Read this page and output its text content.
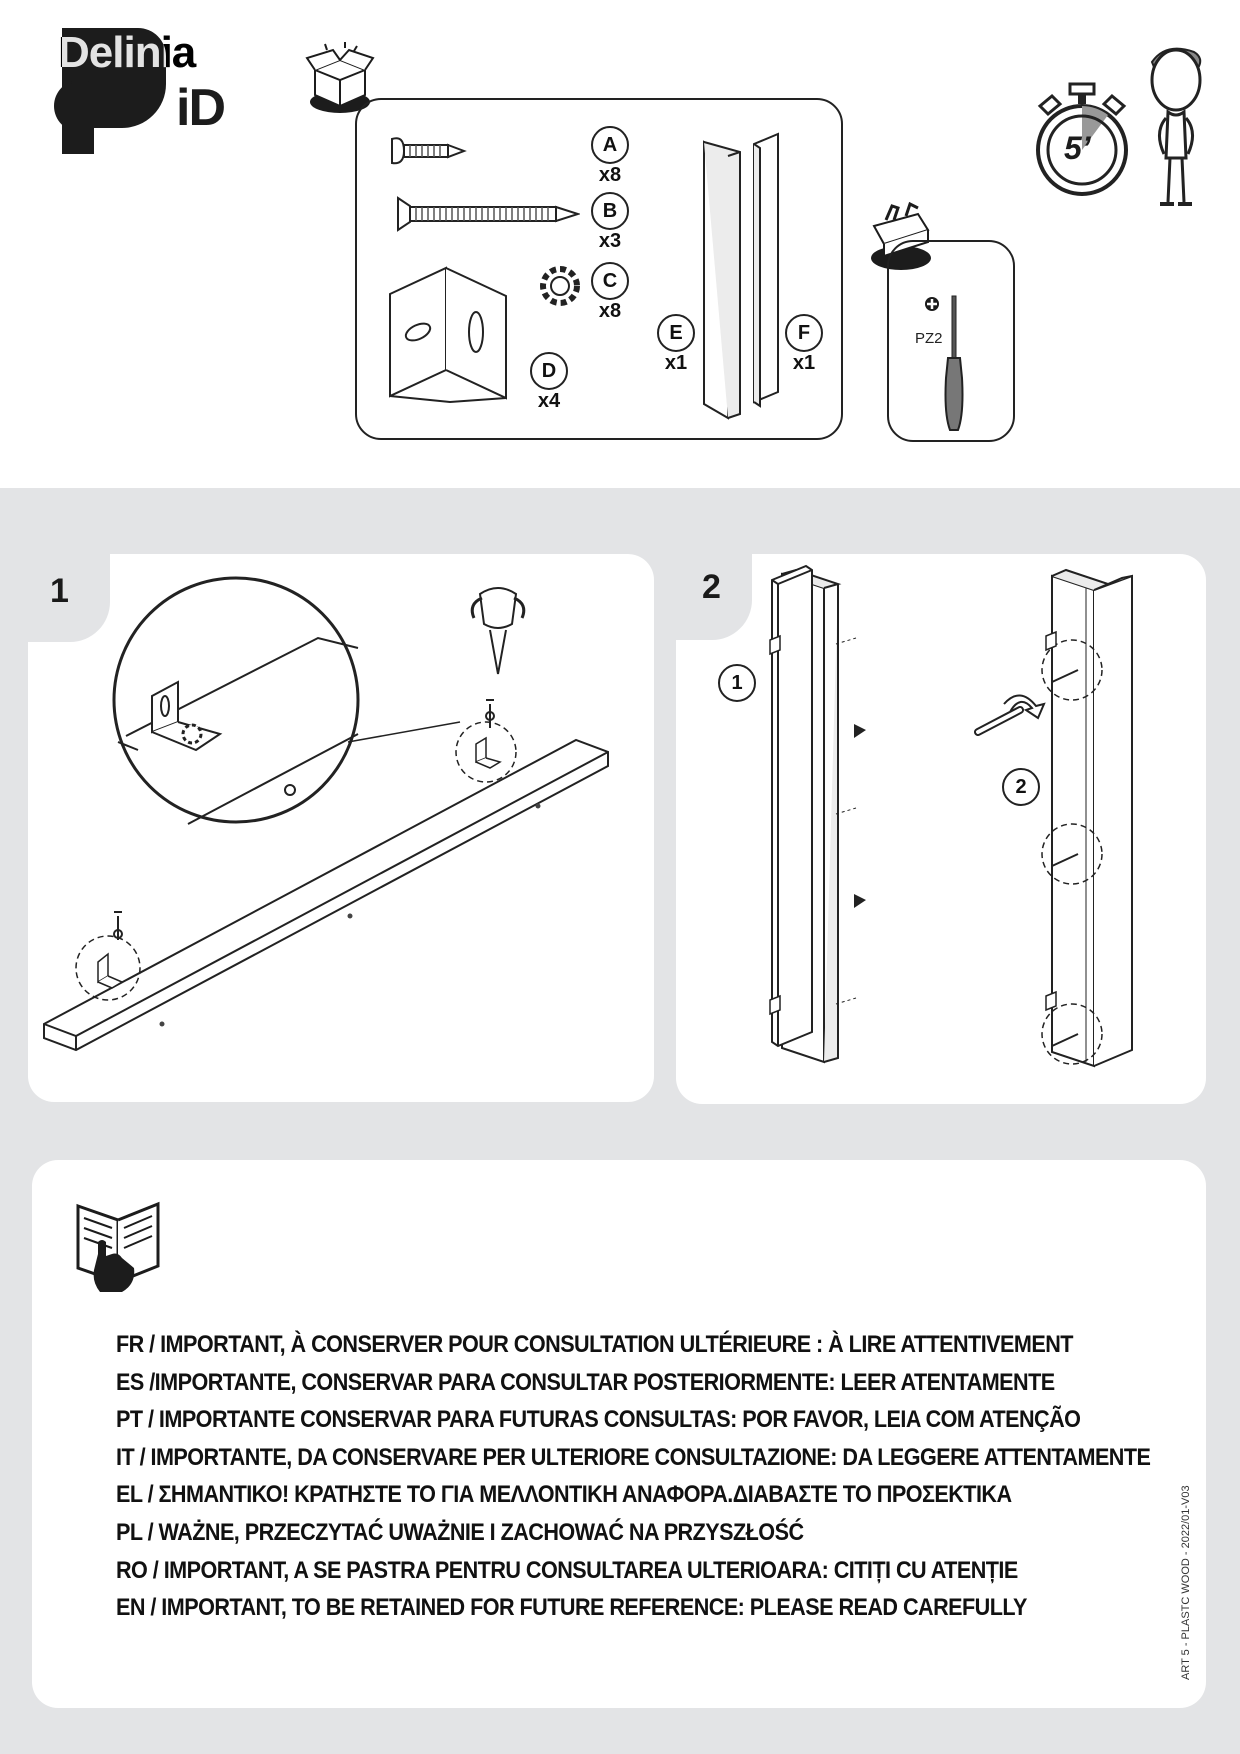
Delinia
iD
A
x8
B
x3
C
x8
D
x4
E
x1
F
x1
PZ2
5’
1	2
1
2
FR / IMPORTANT, À CONSERVER POUR CONSULTATION ULTÉRIEURE : À LIRE ATTENTIVEMENT
ES /IMPORTANTE, CONSERVAR PARA CONSULTAR POSTERIORMENTE: LEER ATENTAMENTE
PT / IMPORTANTE CONSERVAR PARA FUTURAS CONSULTAS: POR FAVOR, LEIA COM ATENÇÃO
IT / IMPORTANTE, DA CONSERVARE PER ULTERIORE CONSULTAZIONE: DA LEGGERE ATTENTAMENTE
EL / ΣΗΜΑΝΤΙΚΟ! ΚΡΑΤΗΣΤΕ ΤΟ ΓΙΑ ΜΕΛΛΟΝΤΙΚΗ ΑΝΑΦΟΡΑ.ΔΙΑΒΑΣΤΕ ΤΟ ΠΡΟΣΕΚΤΙΚΑ
PL / WAŻNE, PRZECZYTAĆ UWAŻNIE I ZACHOWAĆ NA PRZYSZŁOŚĆ
RO / IMPORTANT, A SE PASTRA PENTRU CONSULTAREA ULTERIOARA: CITIȚI CU ATENȚIE
EN / IMPORTANT, TO BE RETAINED FOR FUTURE REFERENCE: PLEASE READ CAREFULLY	ART 5 - PLASTC WOOD - 2022/01-V03
